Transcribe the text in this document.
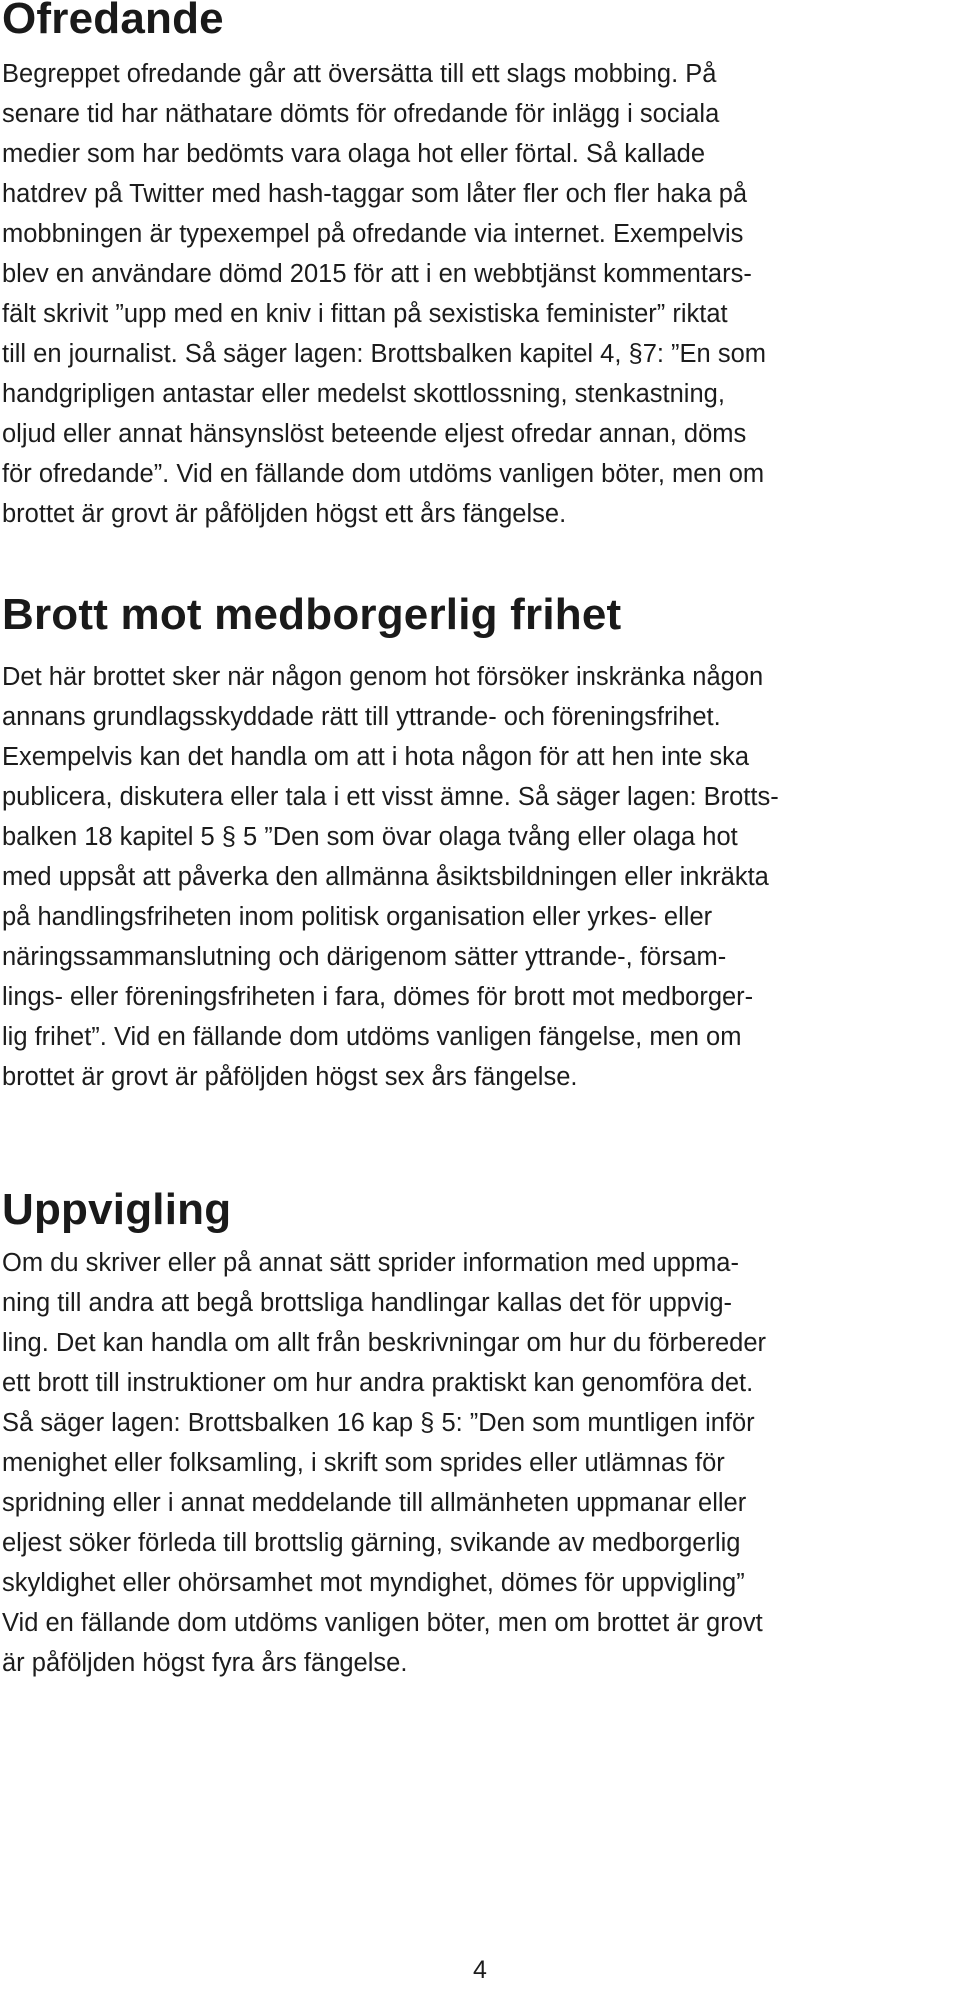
Ofredande

Begreppet ofredande går att översätta till ett slags mobbing. På
senare tid har näthatare dömts för ofredande för inlägg i sociala
medier som har bedömts vara olaga hot eller förtal. Så kallade
hatdrev på Twitter med hash-taggar som låter fler och fler haka på
mobbningen är typexempel på ofredande via internet. Exempelvis
blev en användare dömd 2015 för att i en webbtjänst kommentars-
fält skrivit ”upp med en kniv i fittan på sexistiska feminister” riktat
till en journalist. Så säger lagen: Brottsbalken kapitel 4, §7: ”En som
handgripligen antastar eller medelst skottlossning, stenkastning,
oljud eller annat hänsynslöst beteende eljest ofredar annan, döms
för ofredande”. Vid en fällande dom utdöms vanligen böter, men om
brottet är grovt är påföljden högst ett års fängelse.

Brott mot medborgerlig frihet

Det här brottet sker när någon genom hot försöker inskränka någon
annans grundlagsskyddade rätt till yttrande- och föreningsfrihet.
Exempelvis kan det handla om att i hota någon för att hen inte ska
publicera, diskutera eller tala i ett visst ämne. Så säger lagen: Brotts-
balken 18 kapitel 5 § 5 ”Den som övar olaga tvång eller olaga hot
med uppsåt att påverka den allmänna åsiktsbildningen eller inkräkta
på handlingsfriheten inom politisk organisation eller yrkes- eller
näringssammanslutning och därigenom sätter yttrande-, försam-
lings- eller föreningsfriheten i fara, dömes för brott mot medborger-
lig frihet”. Vid en fällande dom utdöms vanligen fängelse, men om
brottet är grovt är påföljden högst sex års fängelse.

Uppvigling

Om du skriver eller på annat sätt sprider information med uppma-
ning till andra att begå brottsliga handlingar kallas det för uppvig-
ling. Det kan handla om allt från beskrivningar om hur du förbereder
ett brott till instruktioner om hur andra praktiskt kan genomföra det.
Så säger lagen: Brottsbalken 16 kap § 5: ”Den som muntligen inför
menighet eller folksamling, i skrift som sprides eller utlämnas för
spridning eller i annat meddelande till allmänheten uppmanar eller
eljest söker förleda till brottslig gärning, svikande av medborgerlig
skyldighet eller ohörsamhet mot myndighet, dömes för uppvigling”
Vid en fällande dom utdöms vanligen böter, men om brottet är grovt
är påföljden högst fyra års fängelse.

4
